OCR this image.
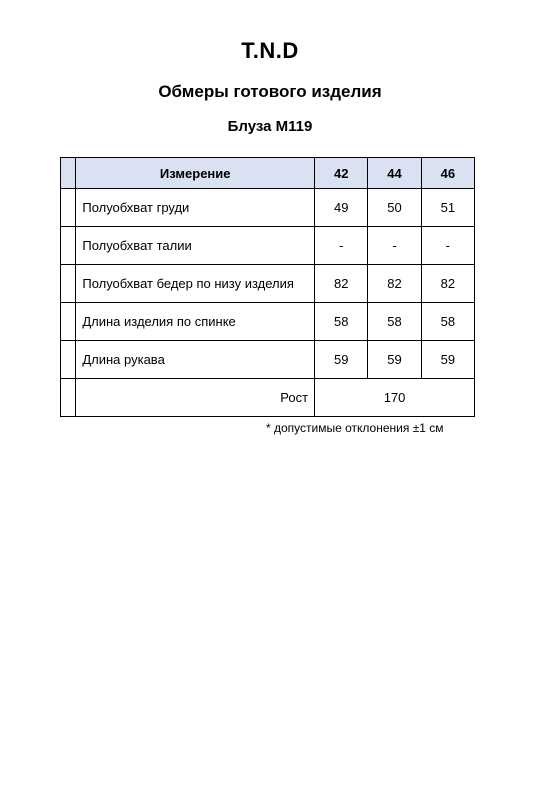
T.N.D
Обмеры готового изделия
Блуза М119
	Измерение	42	44	46
	Полуобхват груди	49	50	51
	Полуобхват талии	-	-	-
	Полуобхват бедер по низу изделия	82	82	82
	Длина изделия по спинке	58	58	58
	Длина рукава	59	59	59
	Рост	170		
* допустимые отклонения ±1 см
